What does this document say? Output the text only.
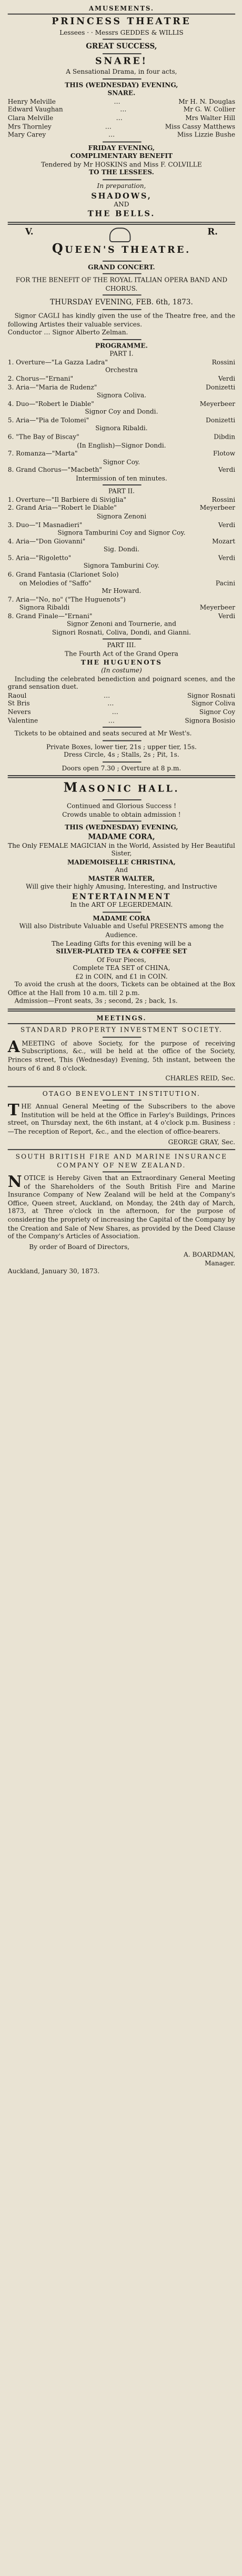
AMUSEMENTS.
PRINCESS THEATRE
Lessees · · Messrs GEDDES & WILLIS
GREAT SUCCESS,
SNARE!
A Sensational Drama, in four acts,
THIS (WEDNESDAY) EVENING,
SNARE.
Henry Melville	…	Mr H. N. Douglas
Edward Vaughan	…	Mr G. W. Collier
Clara Melville	…	Mrs Walter Hill
Mrs Thornley	…	Miss Cassy Matthews
Mary Carey	…	Miss Lizzie Bushe
FRIDAY EVENING,
COMPLIMENTARY BENEFIT
Tendered by Mr HOSKINS and Miss F. COLVILLE
TO THE LESSEES.
In preparation,
SHADOWS,
AND
THE BELLS.
V.	R.
QUEEN'S THEATRE.
GRAND CONCERT.
FOR THE BENEFIT OF THE ROYAL ITALIAN OPERA BAND AND CHORUS.
THURSDAY EVENING, FEB. 6th, 1873.
Signor CAGLI has kindly given the use of the Theatre free, and the following Artistes their valuable services.
Conductor … Signor Alberto Zelman.
PROGRAMME.
PART I.
1. Overture—"La Gazza Ladra"	Rossini
Orchestra
2. Chorus—"Ernani"	Verdi
3. Aria—"Maria de Rudenz"	Donizetti
Signora Coliva.
4. Duo—"Robert le Diable"	Meyerbeer
Signor Coy and Dondi.
5. Aria—"Pia de Tolomei"	Donizetti
Signora Ribaldi.
6. "The Bay of Biscay"	Dibdin
(In English)—Signor Dondi.
7. Romanza—"Marta"	Flotow
Signor Coy.
8. Grand Chorus—"Macbeth"	Verdi
Intermission of ten minutes.
PART II.
1. Overture—"Il Barbiere di Siviglia"	Rossini
2. Grand Aria—"Robert le Diable"	Meyerbeer
Signora Zenoni
3. Duo—"I Masnadieri"	Verdi
Signora Tamburini Coy and Signor Coy.
4. Aria—"Don Giovanni"	Mozart
Sig. Dondi.
5. Aria—"Rigoletto"	Verdi
Signora Tamburini Coy.
6. Grand Fantasia (Clarionet Solo)
on Melodies of "Saffo"	Pacini
Mr Howard.
7. Aria—"No, no" ("The Huguenots")
Signora Ribaldi	Meyerbeer
8. Grand Finale—"Ernani"	Verdi
Signor Zenoni and Tournerie, and
Signori Rosnati, Coliva, Dondi, and Gianni.
PART III.
The Fourth Act of the Grand Opera
THE HUGUENOTS
(In costume)
Including the celebrated benediction and poignard scenes, and the grand sensation duet.
Raoul	…	Signor Rosnati
St Bris	…	Signor Coliva
Nevers	…	Signor Coy
Valentine	…	Signora Bosisio
Tickets to be obtained and seats secured at Mr West's.
Private Boxes, lower tier, 21s ; upper tier, 15s.
Dress Circle, 4s ; Stalls, 2s ; Pit, 1s.
Doors open 7.30 ; Overture at 8 p.m.
MASONIC HALL.
Continued and Glorious Success !
Crowds unable to obtain admission !
THIS (WEDNESDAY) EVENING,
MADAME CORA,
The Only FEMALE MAGICIAN in the World, Assisted by Her Beautiful Sister,
MADEMOISELLE CHRISTINA,
And
MASTER WALTER,
Will give their highly Amusing, Interesting, and Instructive
ENTERTAINMENT
In the ART OF LEGERDEMAIN.
MADAME CORA
Will also Distribute Valuable and Useful PRESENTS among the Audience.
The Leading Gifts for this evening will be a
SILVER-PLATED TEA & COFFEE SET
Of Four Pieces,
Complete TEA SET of CHINA,
£2 in COIN, and £1 in COIN.
To avoid the crush at the doors, Tickets can be obtained at the Box Office at the Hall from 10 a.m. till 2 p.m.
Admission—Front seats, 3s ; second, 2s ; back, 1s.
MEETINGS.
STANDARD PROPERTY INVESTMENT SOCIETY.
AMEETING of above Society, for the purpose of receiving Subscriptions, &c., will be held at the office of the Society, Princes street, This (Wednesday) Evening, 5th instant, between the hours of 6 and 8 o'clock.
CHARLES REID, Sec.
OTAGO BENEVOLENT INSTITUTION.
THE Annual General Meeting of the Subscribers to the above Institution will be held at the Office in Farley's Buildings, Princes street, on Thursday next, the 6th instant, at 4 o'clock p.m. Business :—The reception of Report, &c., and the election of office-bearers.
GEORGE GRAY, Sec.
SOUTH BRITISH FIRE AND MARINE INSURANCE COMPANY OF NEW ZEALAND.
NOTICE is Hereby Given that an Extraordinary General Meeting of the Shareholders of the South British Fire and Marine Insurance Company of New Zealand will be held at the Company's Office, Queen street, Auckland, on Monday, the 24th day of March, 1873, at Three o'clock in the afternoon, for the purpose of considering the propriety of increasing the Capital of the Company by the Creation and Sale of New Shares, as provided by the Deed Clause of the Company's Articles of Association.
By order of Board of Directors,
A. BOARDMAN,
Manager.
Auckland, January 30, 1873.
